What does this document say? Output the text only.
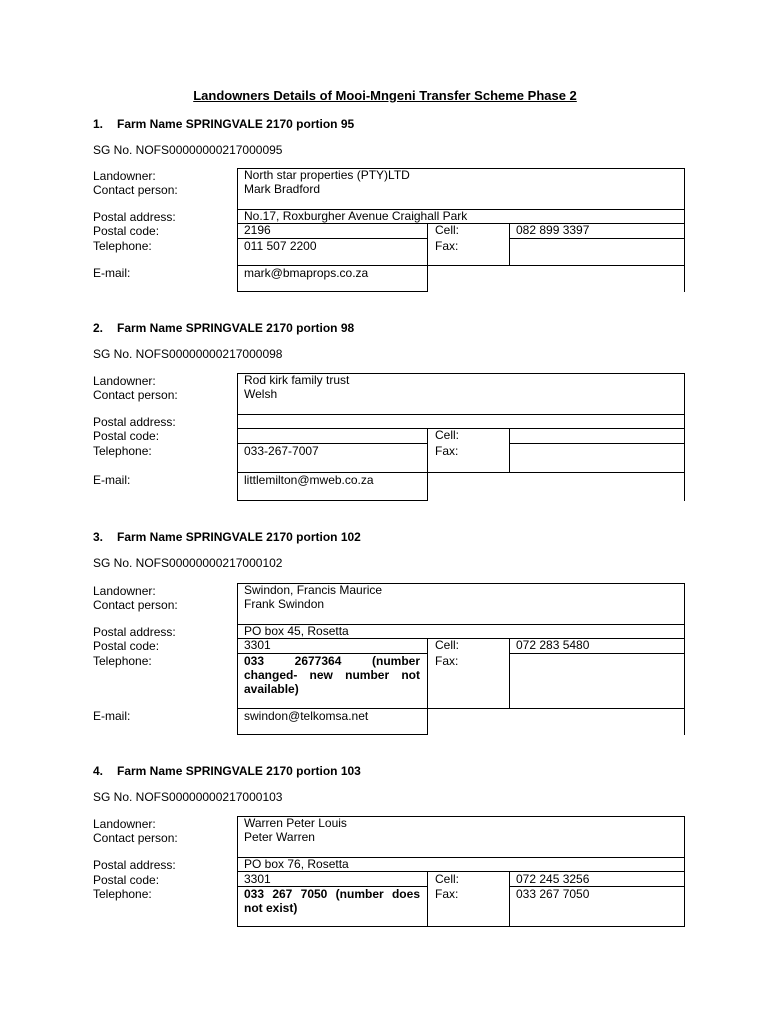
Landowners Details of Mooi-Mngeni Transfer Scheme Phase 2
1. Farm Name SPRINGVALE 2170 portion 95
SG No. NOFS00000000217000095
Landowner:
Contact person:
Postal address:
Postal code:
Telephone:
E-mail:
North star properties (PTY)LTD
Mark Bradford
No.17, Roxburgher Avenue Craighall Park
2196
011 507 2200
mark@bmaprops.co.za
Cell:
Fax:
082 899 3397
2. Farm Name SPRINGVALE 2170 portion 98
SG No. NOFS00000000217000098
Landowner:
Contact person:
Postal address:
Postal code:
Telephone:
E-mail:
Rod kirk family trust
Welsh
033-267-7007
littlemilton@mweb.co.za
Cell:
Fax:
3. Farm Name SPRINGVALE 2170 portion 102
SG No. NOFS00000000217000102
Landowner:
Contact person:
Postal address:
Postal code:
Telephone:
E-mail:
Swindon, Francis Maurice
Frank Swindon
PO box 45, Rosetta
3301
033 2677364 (number changed- new number not available)
swindon@telkomsa.net
Cell:
Fax:
072 283 5480
4. Farm Name SPRINGVALE 2170 portion 103
SG No. NOFS00000000217000103
Landowner:
Contact person:
Postal address:
Postal code:
Telephone:
Warren Peter Louis
Peter Warren
PO box 76, Rosetta
3301
033 267 7050 (number does not exist)
Cell:
Fax:
072 245 3256
033 267 7050
